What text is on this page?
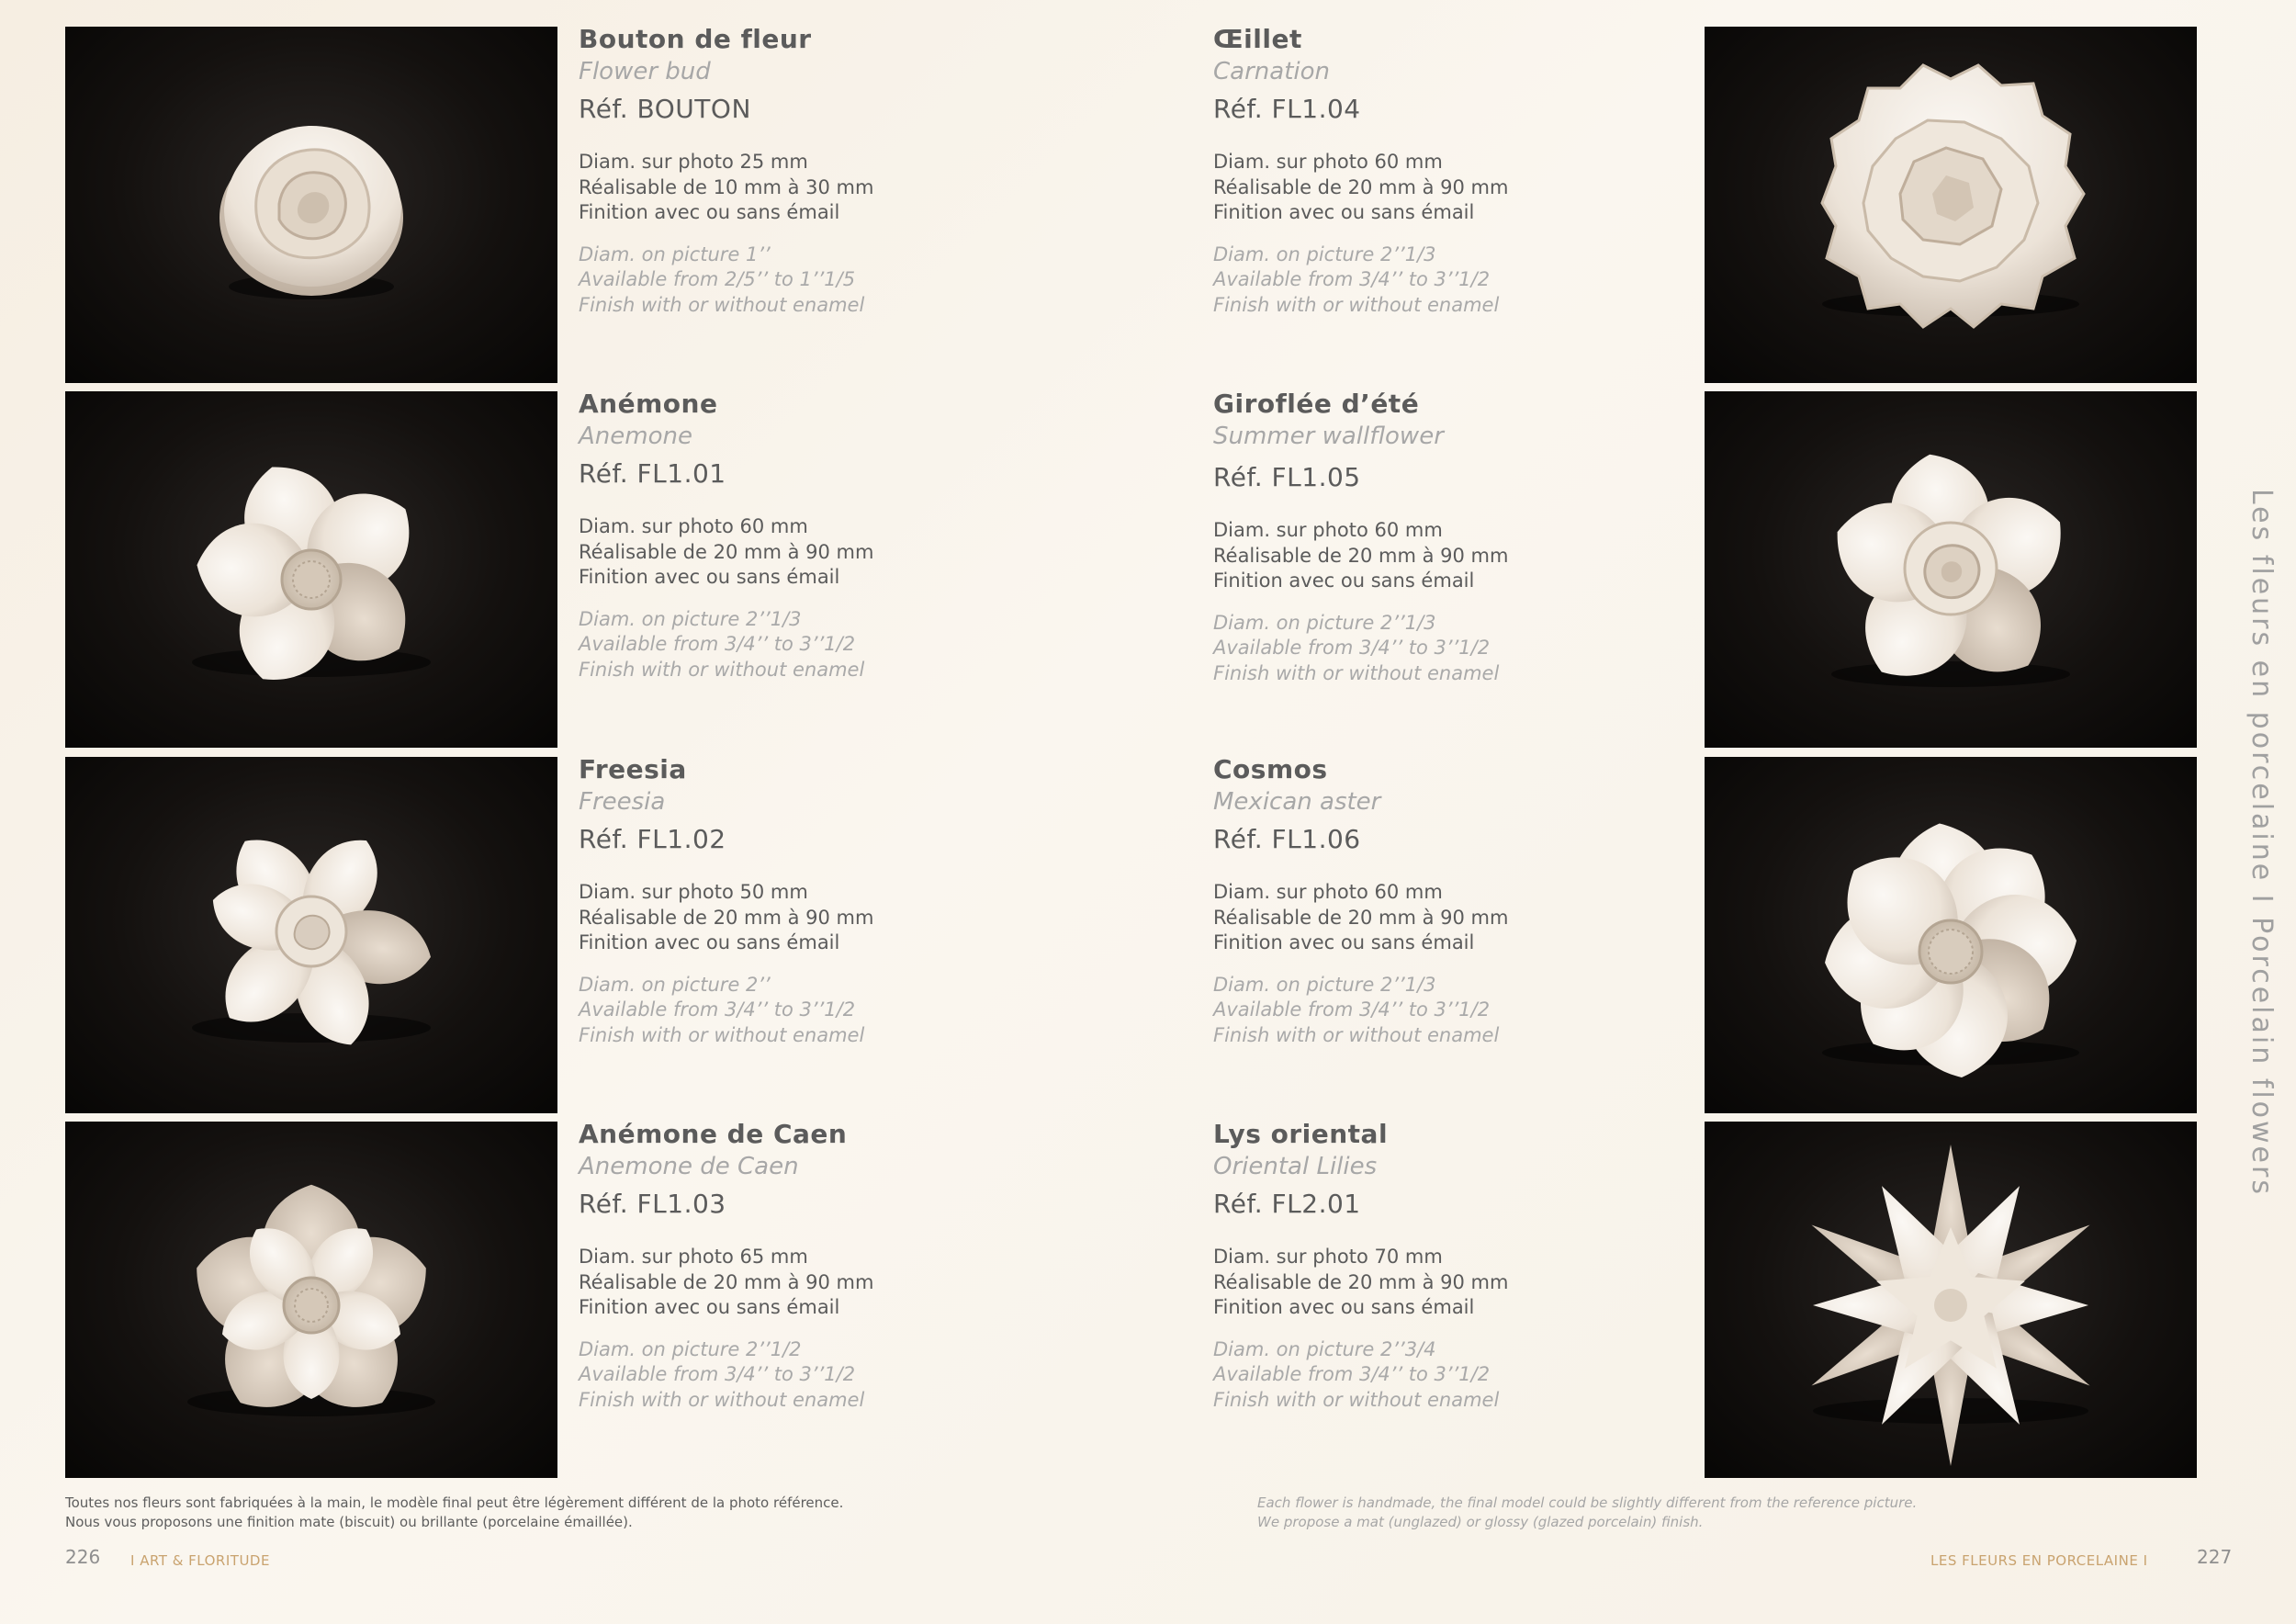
Bouton de fleur
Flower bud
Réf. BOUTON
Diam. sur photo 25 mm
Réalisable de 10 mm à 30 mm
Finition avec ou sans émail
Diam. on picture 1’’
Available from 2/5’’ to 1’’1/5
Finish with or without enamel
Anémone
Anemone
Réf. FL1.01
Diam. sur photo 60 mm
Réalisable de 20 mm à 90 mm
Finition avec ou sans émail
Diam. on picture 2’’1/3
Available from 3/4’’ to 3’’1/2
Finish with or without enamel
Freesia
Freesia
Réf. FL1.02
Diam. sur photo 50 mm
Réalisable de 20 mm à 90 mm
Finition avec ou sans émail
Diam. on picture 2’’
Available from 3/4’’ to 3’’1/2
Finish with or without enamel
Anémone de Caen
Anemone de Caen
Réf. FL1.03
Diam. sur photo 65 mm
Réalisable de 20 mm à 90 mm
Finition avec ou sans émail
Diam. on picture 2’’1/2
Available from 3/4’’ to 3’’1/2
Finish with or without enamel
Toutes nos fleurs sont fabriquées à la main, le modèle final peut être légèrement différent de la photo référence.
Nous vous proposons une finition mate (biscuit) ou brillante (porcelaine émaillée).
226 I ART & FLORITUDE
Œillet
Carnation
Réf. FL1.04
Diam. sur photo 60 mm
Réalisable de 20 mm à 90 mm
Finition avec ou sans émail
Diam. on picture 2’’1/3
Available from 3/4’’ to 3’’1/2
Finish with or without enamel
Giroflée d’été
Summer wallflower
Réf. FL1.05
Diam. sur photo 60 mm
Réalisable de 20 mm à 90 mm
Finition avec ou sans émail
Diam. on picture 2’’1/3
Available from 3/4’’ to 3’’1/2
Finish with or without enamel
Cosmos
Mexican aster
Réf. FL1.06
Diam. sur photo 60 mm
Réalisable de 20 mm à 90 mm
Finition avec ou sans émail
Diam. on picture 2’’1/3
Available from 3/4’’ to 3’’1/2
Finish with or without enamel
Lys oriental
Oriental Lilies
Réf. FL2.01
Diam. sur photo 70 mm
Réalisable de 20 mm à 90 mm
Finition avec ou sans émail
Diam. on picture 2’’3/4
Available from 3/4’’ to 3’’1/2
Finish with or without enamel
Each flower is handmade, the final model could be slightly different from the reference picture.
We propose a mat (unglazed) or glossy (glazed porcelain) finish.
LES FLEURS EN PORCELAINE I	227
Les fleurs en porcelaine I Porcelain flowers
